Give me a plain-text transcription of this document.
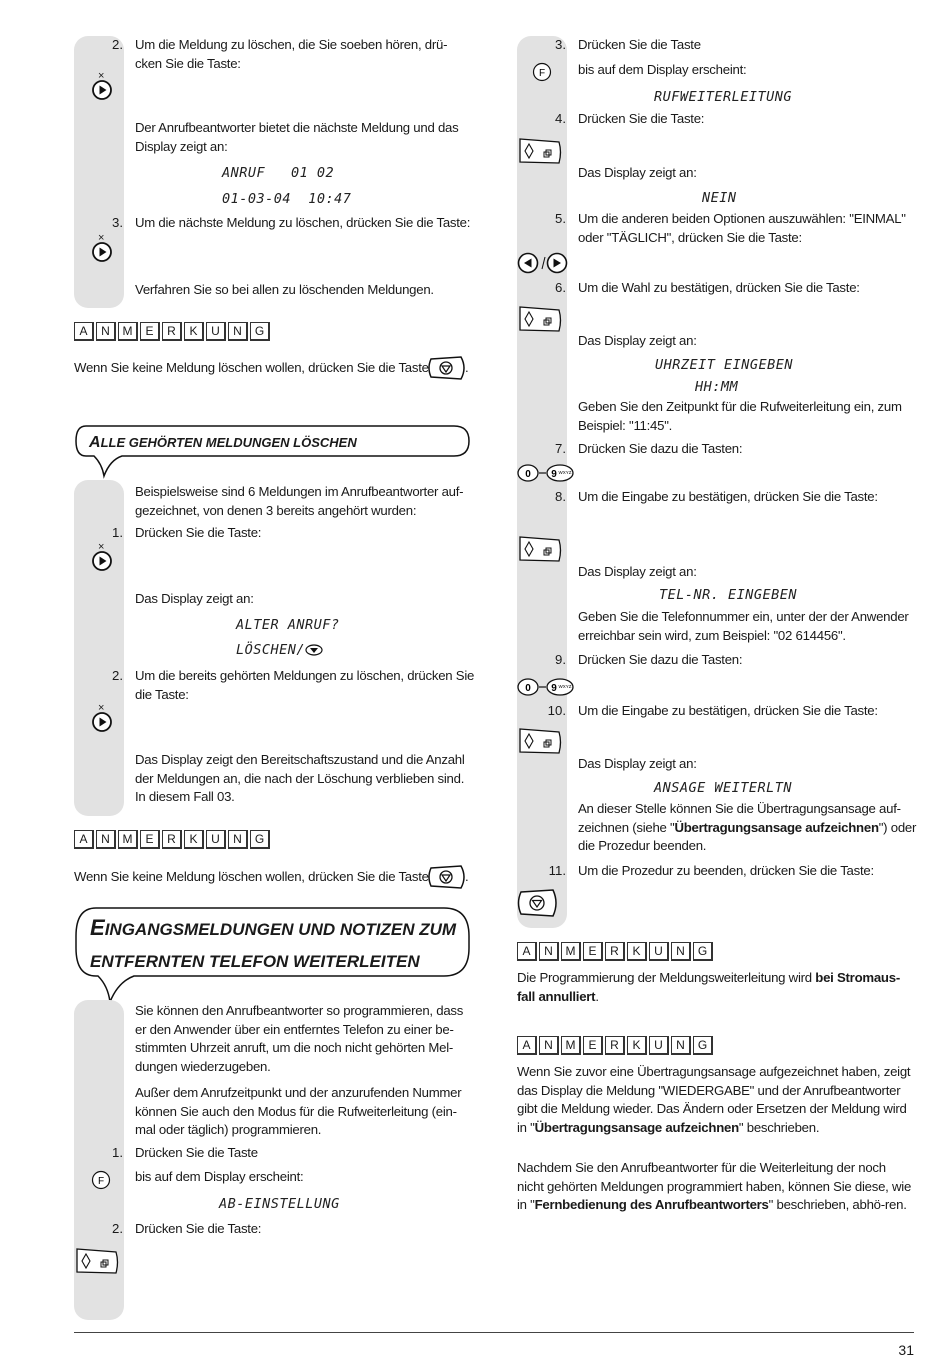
2. Um die Meldung zu löschen, die Sie soeben hören, drü-cken Sie die Taste:
×
Der Anrufbeantworter bietet die nächste Meldung und das Display zeigt an:
ANRUF   01 02
01-03-04  10:47
3. Um die nächste Meldung zu löschen, drücken Sie die Taste:
×
Verfahren Sie so bei allen zu löschenden Meldungen.
A	N	M	E	R	K	U	N	G
Wenn Sie keine Meldung löschen wollen, drücken Sie die Taste	.
ALLE GEHÖRTEN MELDUNGEN LÖSCHEN
Beispielsweise sind 6 Meldungen im Anrufbeantworter auf-gezeichnet, von denen 3 bereits angehört wurden:
1. Drücken Sie die Taste:
×
Das Display zeigt an:
ALTER ANRUF?
LÖSCHEN/
2. Um die bereits gehörten Meldungen zu löschen, drücken Sie die Taste:
×
Das Display zeigt den Bereitschaftszustand und die Anzahl der Meldungen an, die nach der Löschung verblieben sind. In diesem Fall 03.
A	N	M	E	R	K	U	N	G
Wenn Sie keine Meldung löschen wollen, drücken Sie die Taste	.
EINGANGSMELDUNGEN UND NOTIZEN ZUM
ENTFERNTEN TELEFON WEITERLEITEN
Sie können den Anrufbeantworter so programmieren, dass er den Anwender über ein entferntes Telefon zu einer be-stimmten Uhrzeit anruft, um die noch nicht gehörten Mel-dungen wiederzugeben.
Außer dem Anrufzeitpunkt und der anzurufenden Nummer können Sie auch den Modus für die Rufweiterleitung (ein-mal oder täglich) programmieren.
1. Drücken Sie die Taste
F bis auf dem Display erscheint:
AB-EINSTELLUNG
2. Drücken Sie die Taste:
3. Drücken Sie die Taste
F bis auf dem Display erscheint:
RUFWEITERLEITUNG
4. Drücken Sie die Taste:
Das Display zeigt an:
NEIN
5. Um die anderen beiden Optionen auszuwählen: "EINMAL" oder "TÄGLICH", drücken Sie die Taste:
6. Um die Wahl zu bestätigen, drücken Sie die Taste:
Das Display zeigt an:
UHRZEIT EINGEBEN
HH:MM
Geben Sie den Zeitpunkt für die Rufweiterleitung ein, zum Beispiel: "11:45".
7. Drücken Sie dazu die Tasten:
0 9 WXYZ
8. Um die Eingabe zu bestätigen, drücken Sie die Taste:
Das Display zeigt an:
TEL-NR. EINGEBEN
Geben Sie die Telefonnummer ein, unter der der Anwender erreichbar sein wird, zum Beispiel: "02 614456".
9. Drücken Sie dazu die Tasten:
0 9 WXYZ
10. Um die Eingabe zu bestätigen, drücken Sie die Taste:
Das Display zeigt an:
ANSAGE WEITERLTN
An dieser Stelle können Sie die Übertragungsansage auf-zeichnen (siehe "Übertragungsansage aufzeichnen") oder die Prozedur beenden.
11. Um die Prozedur zu beenden, drücken Sie die Taste:
A	N	M	E	R	K	U	N	G
Die Programmierung der Meldungsweiterleitung wird bei Stromaus-fall annulliert.
A	N	M	E	R	K	U	N	G
Wenn Sie zuvor eine Übertragungsansage aufgezeichnet haben, zeigt das Display die Meldung "WIEDERGABE" und der Anrufbeantworter gibt die Meldung wieder. Das Ändern oder Ersetzen der Meldung wird in "Übertragungsansage aufzeichnen" beschrieben.
Nachdem Sie den Anrufbeantworter für die Weiterleitung der noch nicht gehörten Meldungen programmiert haben, können Sie diese, wie in "Fernbedienung des Anrufbeantworters" beschrieben, abhö-ren.
31
